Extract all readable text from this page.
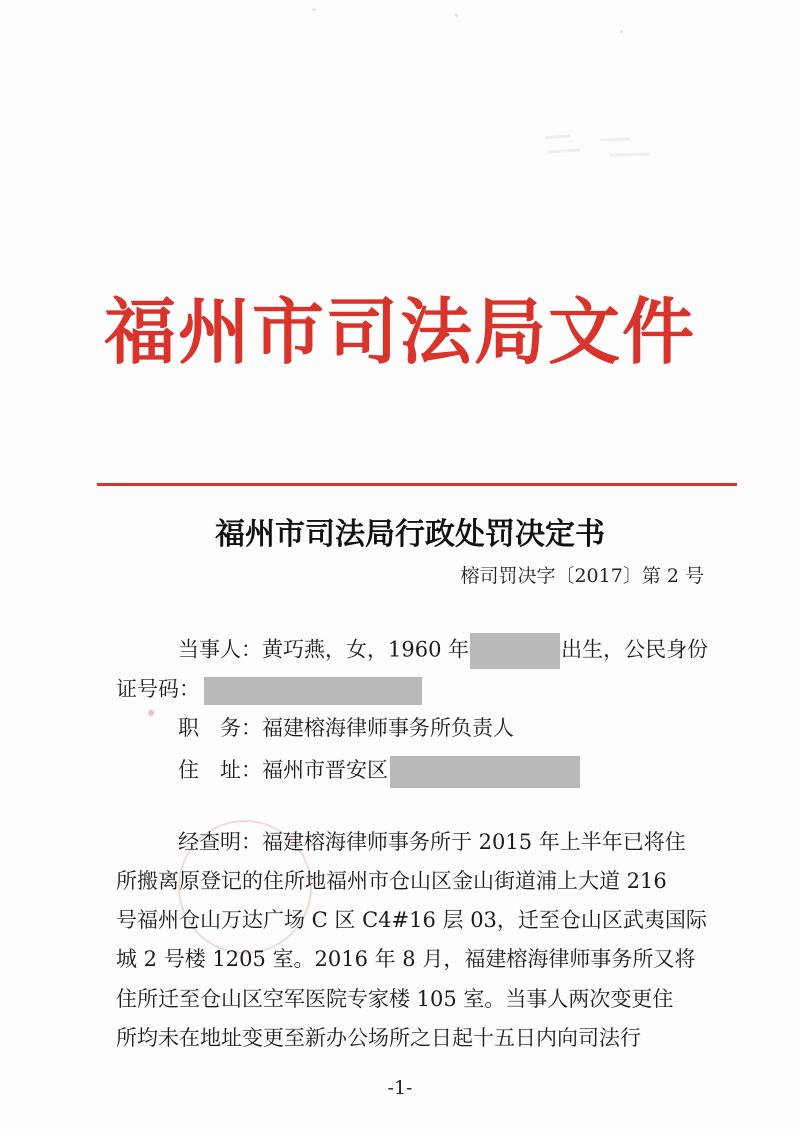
福州市司法局文件
福州市司法局行政处罚决定书
榕司罚决字〔2017〕第 2 号
当事人：黄巧燕，女，1960 年	出生，公民身份
证号码：
职　务：福建榕海律师事务所负责人
住　址：福州市晋安区
经查明：福建榕海律师事务所于 2015 年上半年已将住
所搬离原登记的住所地福州市仓山区金山街道浦上大道 216
号福州仓山万达广场 C 区 C4#16 层 03，迁至仓山区武夷国际
城 2 号楼 1205 室。2016 年 8 月，福建榕海律师事务所又将
住所迁至仓山区空军医院专家楼 105 室。当事人两次变更住
所均未在地址变更至新办公场所之日起十五日内向司法行
-1-
